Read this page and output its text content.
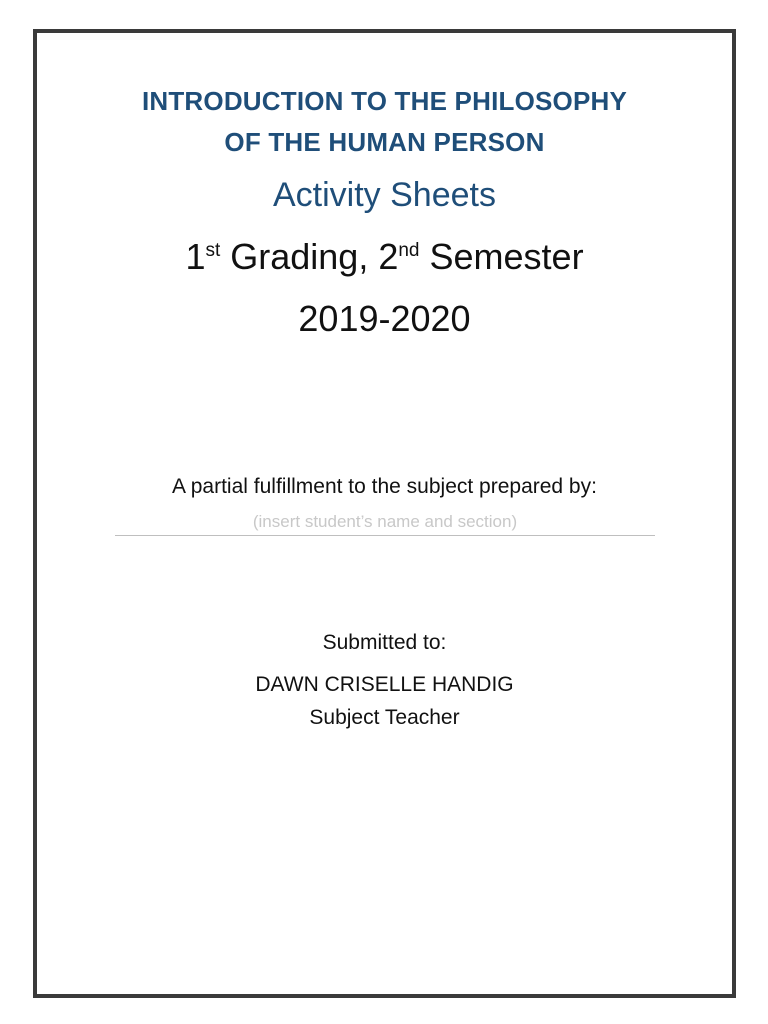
INTRODUCTION TO THE PHILOSOPHY
OF THE HUMAN PERSON
Activity Sheets
1st Grading, 2nd Semester
2019-2020
A partial fulfillment to the subject prepared by:
(insert student’s name and section)
Submitted to:
DAWN CRISELLE HANDIG
Subject Teacher
